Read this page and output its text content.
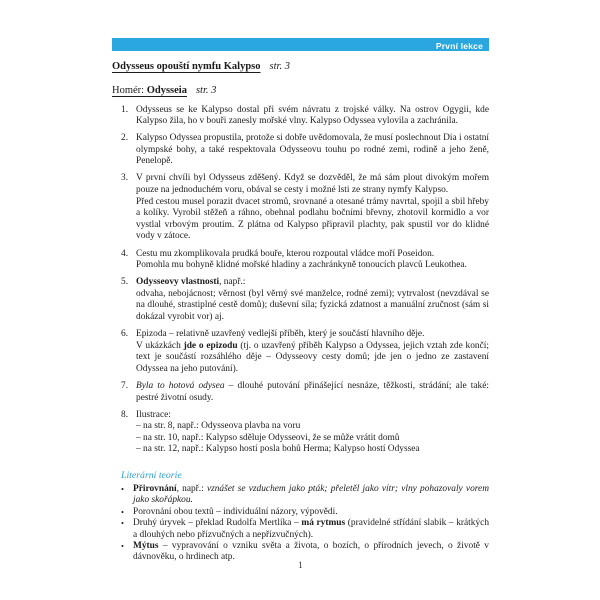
První lekce
Odysseus opouští nymfu Kalypso str. 3
Homér: Odysseia str. 3
1. Odysseus se ke Kalypso dostal při svém návratu z trojské války. Na ostrov Ogygii, kde Kalypso žila, ho v bouři zanesly mořské vlny. Kalypso Odyssea vylovila a zachránila.
2. Kalypso Odyssea propustila, protože si dobře uvědomovala, že musí poslechnout Dia i ostatní olympské bohy, a také respektovala Odysseovu touhu po rodné zemi, rodině a jeho ženě, Penelopě.
3. V první chvíli byl Odysseus zděšený. Když se dozvěděl, že má sám plout divokým mořem pouze na jednoduchém voru, obával se cesty i možné lsti ze strany nymfy Kalypso.
Před cestou musel porazit dvacet stromů, srovnané a otesané trámy navrtal, spojil a sbil hřeby a kolíky. Vyrobil stěžeň a ráhno, obehnal podlahu bočními břevny, zhotovil kormidlo a vor vystlal vrbovým proutím. Z plátna od Kalypso připravil plachty, pak spustil vor do klidné vody v zátoce.
4. Cestu mu zkomplikovala prudká bouře, kterou rozpoutal vládce moří Poseidon.
Pomohla mu bohyně klidné mořské hladiny a zachránkyně tonoucích plavců Leukothea.
5. Odysseovy vlastnosti, např.:
odvaha, nebojácnost; věrnost (byl věrný své manželce, rodné zemi); vytrvalost (nevzdával se na dlouhé, strastiplné cestě domů); duševní síla; fyzická zdatnost a manuální zručnost (sám si dokázal vyrobit vor) aj.
6. Epizoda – relativně uzavřený vedlejší příběh, který je součástí hlavního děje.
V ukázkách jde o epizodu (tj. o uzavřený příběh Kalypso a Odyssea, jejich vztah zde končí; text je součástí rozsáhlého děje – Odysseovy cesty domů; jde jen o jedno ze zastavení Odyssea na jeho putování).
7. Byla to hotová odysea – dlouhé putování přinášející nesnáze, těžkosti, strádání; ale také: pestré životní osudy.
8. Ilustrace:
– na str. 8, např.: Odysseova plavba na voru
– na str. 10, např.: Kalypso sděluje Odysseovi, že se může vrátit domů
– na str. 12, např.: Kalypso hostí posla bohů Herma; Kalypso hostí Odyssea
Literární teorie
• Přirovnání, např.: vznášet se vzduchem jako pták; přeletěl jako vítr; vlny pohazovaly vorem jako skořápkou.
• Porovnání obou textů – individuální názory, výpovědi.
• Druhý úryvek – překlad Rudolfa Mertlíka – má rytmus (pravidelné střídání slabik – krátkých a dlouhých nebo přízvučných a nepřízvučných).
• Mýtus – vypravování o vzniku světa a života, o bozích, o přírodních jevech, o životě v dávnověku, o hrdinech atp.
1
